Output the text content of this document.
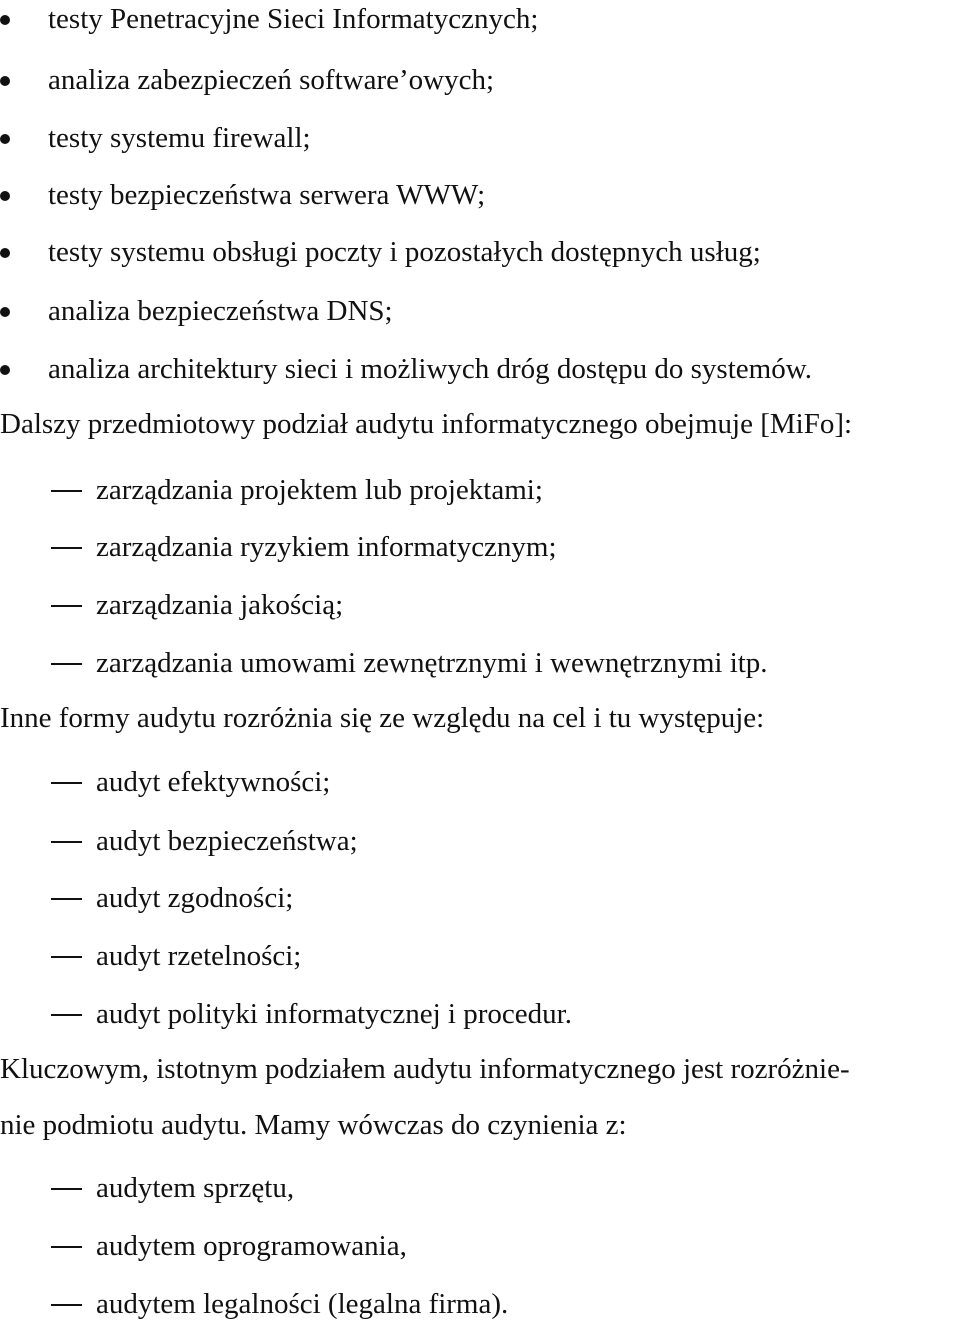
testy Penetracyjne Sieci Informatycznych;
analiza zabezpieczeń software’owych;
testy systemu firewall;
testy bezpieczeństwa serwera WWW;
testy systemu obsługi poczty i pozostałych dostępnych usług;
analiza bezpieczeństwa DNS;
analiza architektury sieci i możliwych dróg dostępu do systemów.
Dalszy przedmiotowy podział audytu informatycznego obejmuje [MiFo]:
zarządzania projektem lub projektami;
zarządzania ryzykiem informatycznym;
zarządzania jakością;
zarządzania umowami zewnętrznymi i wewnętrznymi itp.
Inne formy audytu rozróżnia się ze względu na cel i tu występuje:
audyt efektywności;
audyt bezpieczeństwa;
audyt zgodności;
audyt rzetelności;
audyt polityki informatycznej i procedur.
Kluczowym, istotnym podziałem audytu informatycznego jest rozróżnie-
nie podmiotu audytu. Mamy wówczas do czynienia z:
audytem sprzętu,
audytem oprogramowania,
audytem legalności (legalna firma).
